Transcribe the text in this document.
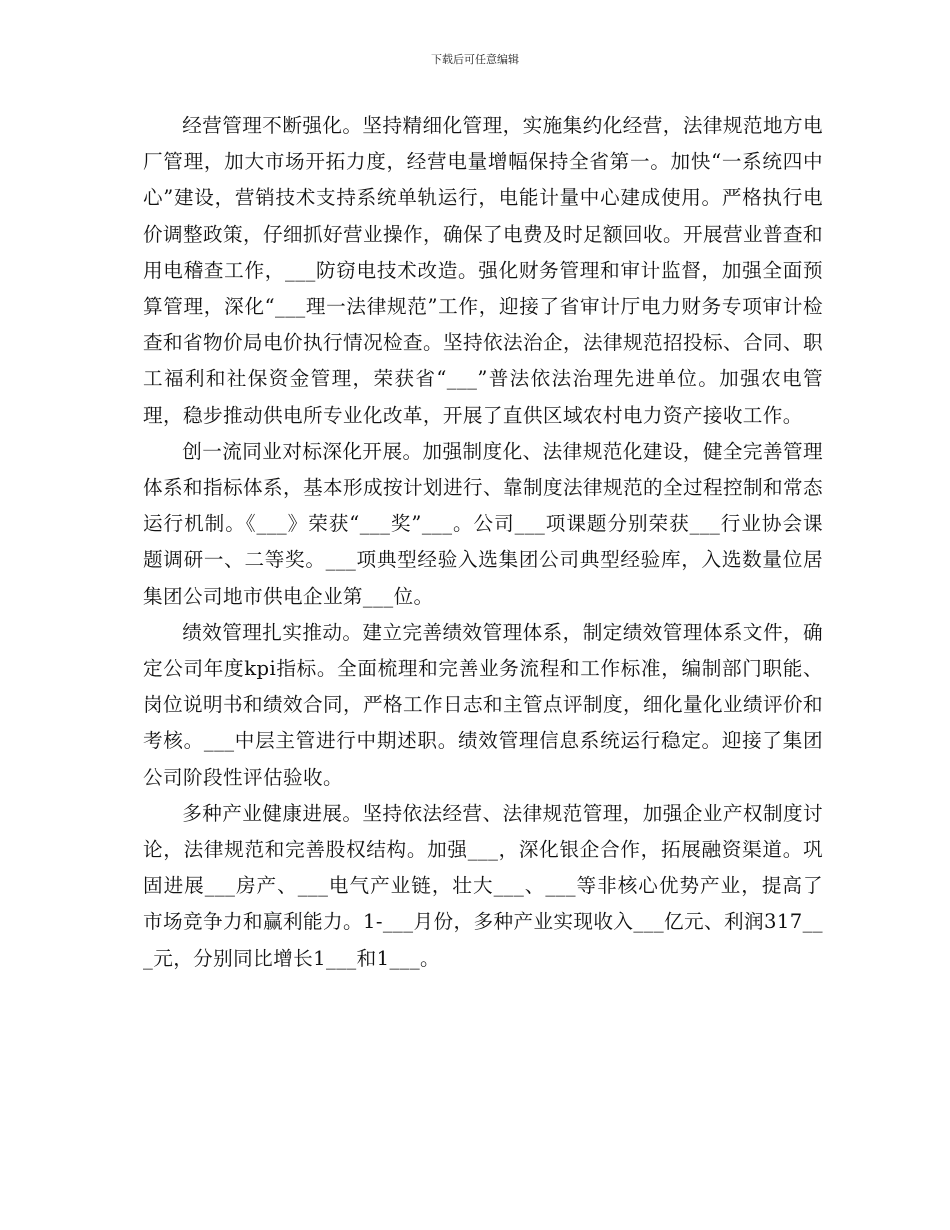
下载后可任意编辑

经营管理不断强化。坚持精细化管理，实施集约化经营，法律规范地方电厂管理，加大市场开拓力度，经营电量增幅保持全省第一。加快“一系统四中心”建设，营销技术支持系统单轨运行，电能计量中心建成使用。严格执行电价调整政策，仔细抓好营业操作，确保了电费及时足额回收。开展营业普查和用电稽查工作，___防窃电技术改造。强化财务管理和审计监督，加强全面预算管理，深化“___理一法律规范”工作，迎接了省审计厅电力财务专项审计检查和省物价局电价执行情况检查。坚持依法治企，法律规范招投标、合同、职工福利和社保资金管理，荣获省“___”普法依法治理先进单位。加强农电管理，稳步推动供电所专业化改革，开展了直供区域农村电力资产接收工作。

创一流同业对标深化开展。加强制度化、法律规范化建设，健全完善管理体系和指标体系，基本形成按计划进行、靠制度法律规范的全过程控制和常态运行机制。《___》荣获“___奖”___。公司___项课题分别荣获___行业协会课题调研一、二等奖。___项典型经验入选集团公司典型经验库，入选数量位居集团公司地市供电企业第___位。

绩效管理扎实推动。建立完善绩效管理体系，制定绩效管理体系文件，确定公司年度kpi指标。全面梳理和完善业务流程和工作标准，编制部门职能、岗位说明书和绩效合同，严格工作日志和主管点评制度，细化量化业绩评价和考核。___中层主管进行中期述职。绩效管理信息系统运行稳定。迎接了集团公司阶段性评估验收。

多种产业健康进展。坚持依法经营、法律规范管理，加强企业产权制度讨论，法律规范和完善股权结构。加强___，深化银企合作，拓展融资渠道。巩固进展___房产、___电气产业链，壮大___、___等非核心优势产业，提高了市场竞争力和赢利能力。1-___月份，多种产业实现收入___亿元、利润317___元，分别同比增长1___和1___。
